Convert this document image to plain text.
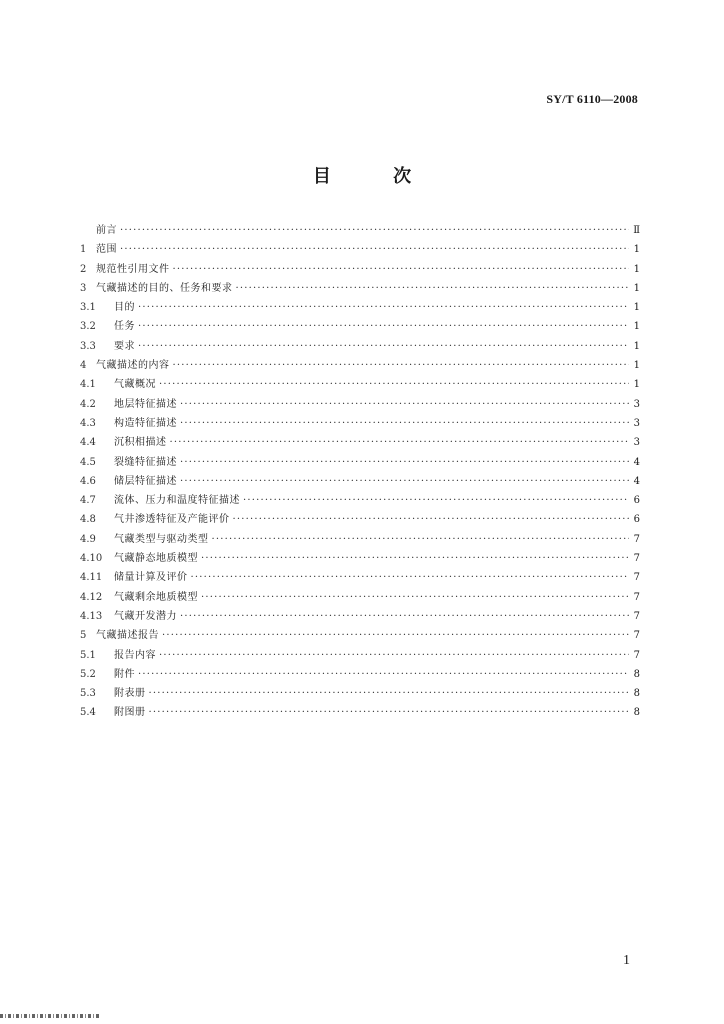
SY/T 6110—2008
目 次
前言 ·····	Ⅱ
1 范围 ·····	1
2 规范性引用文件 ·····	1
3 气藏描述的目的、任务和要求 ·····	1
3.1	目的 ·····	1
3.2	任务 ·····	1
3.3	要求 ·····	1
4 气藏描述的内容 ·····	1
4.1	气藏概况 ·····	1
4.2	地层特征描述 ·····	3
4.3	构造特征描述 ·····	3
4.4	沉积相描述 ·····	3
4.5	裂缝特征描述 ·····	4
4.6	储层特征描述 ·····	4
4.7	流体、压力和温度特征描述 ·····	6
4.8	气井渗透特征及产能评价 ·····	6
4.9	气藏类型与驱动类型 ·····	7
4.10	气藏静态地质模型 ·····	7
4.11	储量计算及评价 ·····	7
4.12	气藏剩余地质模型 ·····	7
4.13	气藏开发潜力 ·····	7
5 气藏描述报告 ·····	7
5.1	报告内容 ·····	7
5.2	附件 ·····	8
5.3	附表册 ·····	8
5.4	附图册 ·····	8
1
